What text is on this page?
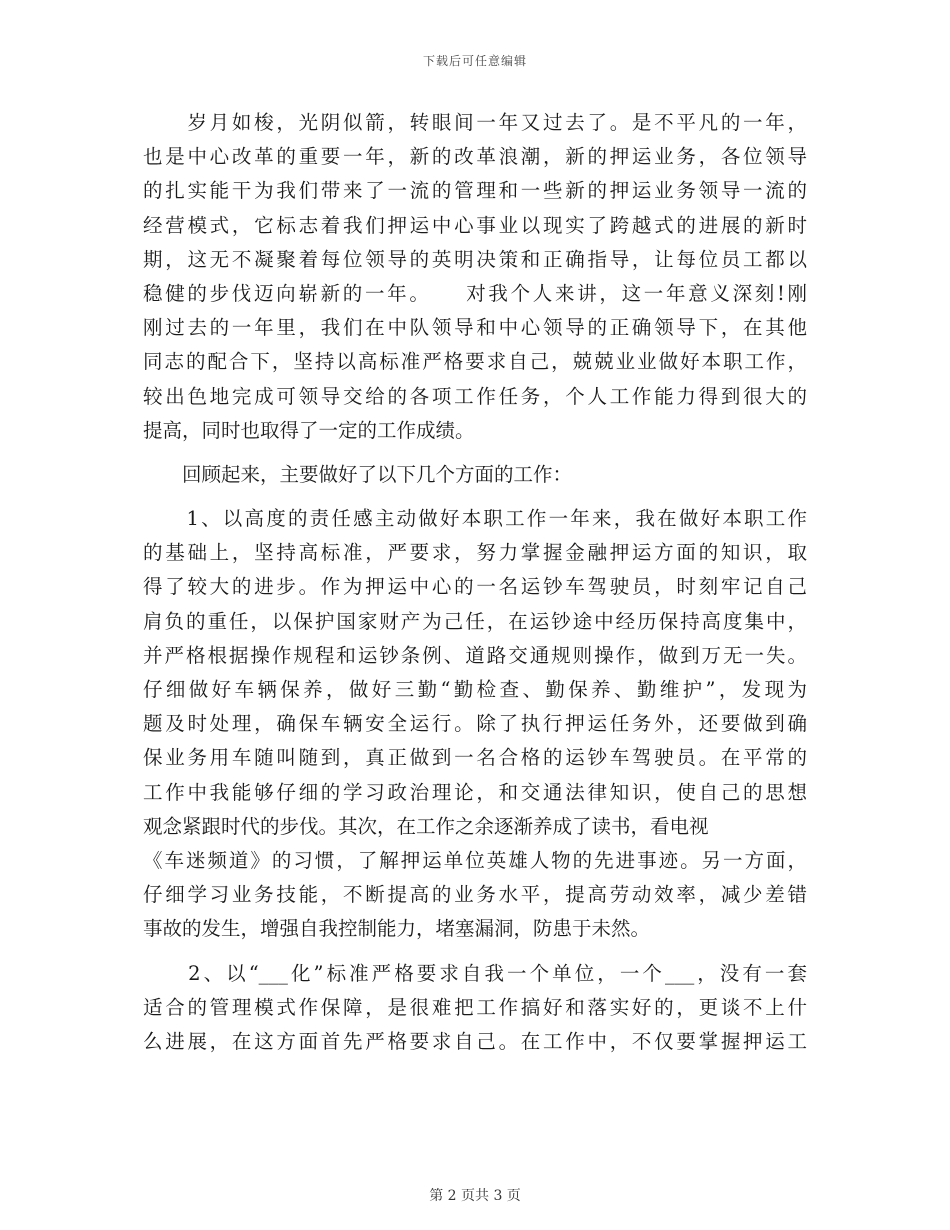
下载后可任意编辑
　　岁月如梭，光阴似箭，转眼间一年又过去了。是不平凡的一年，
也是中心改革的重要一年，新的改革浪潮，新的押运业务，各位领导
的扎实能干为我们带来了一流的管理和一些新的押运业务领导一流的
经营模式，它标志着我们押运中心事业以现实了跨越式的进展的新时
期，这无不凝聚着每位领导的英明决策和正确指导，让每位员工都以
稳健的步伐迈向崭新的一年。　　对我个人来讲，这一年意义深刻!刚
刚过去的一年里，我们在中队领导和中心领导的正确领导下，在其他
同志的配合下，坚持以高标准严格要求自己，兢兢业业做好本职工作，
较出色地完成可领导交给的各项工作任务，个人工作能力得到很大的
提高，同时也取得了一定的工作成绩。
　　回顾起来，主要做好了以下几个方面的工作：
　　1、以高度的责任感主动做好本职工作一年来，我在做好本职工作
的基础上，坚持高标准，严要求，努力掌握金融押运方面的知识，取
得了较大的进步。作为押运中心的一名运钞车驾驶员，时刻牢记自己
肩负的重任，以保护国家财产为己任，在运钞途中经历保持高度集中，
并严格根据操作规程和运钞条例、道路交通规则操作，做到万无一失。
仔细做好车辆保养，做好三勤“勤检查、勤保养、勤维护”，发现为
题及时处理，确保车辆安全运行。除了执行押运任务外，还要做到确
保业务用车随叫随到，真正做到一名合格的运钞车驾驶员。在平常的
工作中我能够仔细的学习政治理论，和交通法律知识，使自己的思想
观念紧跟时代的步伐。其次，在工作之余逐渐养成了读书，看电视
《车迷频道》的习惯，了解押运单位英雄人物的先进事迹。另一方面，
仔细学习业务技能，不断提高的业务水平，提高劳动效率，减少差错
事故的发生，增强自我控制能力，堵塞漏洞，防患于未然。
　　2、以“___化”标准严格要求自我一个单位，一个___，没有一套
适合的管理模式作保障，是很难把工作搞好和落实好的，更谈不上什
么进展，在这方面首先严格要求自己。在工作中，不仅要掌握押运工
第 2 页共 3 页
